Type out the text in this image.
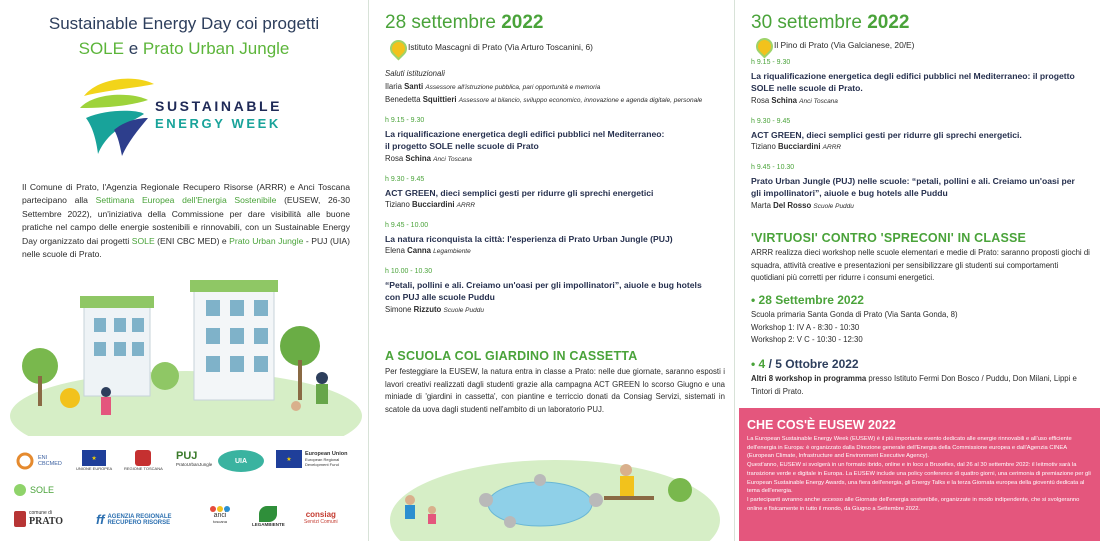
Sustainable Energy Day coi progetti
SOLE e Prato Urban Jungle
SUSTAINABLE
ENERGY WEEK
Il Comune di Prato, l'Agenzia Regionale Recupero Risorse (ARRR) e Anci Toscana partecipano alla Settimana Europea dell'Energia Sostenibile (EUSEW, 26-30 Settembre 2022), un'iniziativa della Commissione per dare visibilità alle buone pratiche nel campo delle energie sostenibili e rinnovabili, con un Sustainable Energy Day organizzato dai progetti SOLE (ENI CBC MED) e Prato Urban Jungle - PUJ (UIA) nelle scuole di Prato.
ENI CBCMED
★
UNIONE EUROPEA	REGIONE TOSCANA
PUJ
PratoUrbanJungle	UIA	★
European Union
European Regional Development Fund
SOLE
comune di
PRATO	ff AGENZIA REGIONALE
RECUPERO RISORSE
anci
toscana
LEGAMBIENTE
consiag
Servizi Comuni
28 settembre 2022
Istituto Mascagni di Prato (Via Arturo Toscanini, 6)
Saluti istituzionali
Ilaria Santi Assessore all'istruzione pubblica, pari opportunità e memoria
Benedetta Squittieri Assessore al bilancio, sviluppo economico, innovazione e agenda digitale, personale
h 9.15 - 9.30
La riqualificazione energetica degli edifici pubblici nel Mediterraneo:
il progetto SOLE nelle scuole di Prato
Rosa Schina Anci Toscana
h 9.30 - 9.45
ACT GREEN, dieci semplici gesti per ridurre gli sprechi energetici
Tiziano Bucciardini ARRR
h 9.45 - 10.00
La natura riconquista la città: l'esperienza di Prato Urban Jungle (PUJ)
Elena Canna Legambiente
h 10.00 - 10.30
“Petali, pollini e ali. Creiamo un'oasi per gli impollinatori”, aiuole e bug hotels
con PUJ alle scuole Puddu
Simone Rizzuto Scuole Puddu
A SCUOLA COL GIARDINO IN CASSETTA
Per festeggiare la EUSEW, la natura entra in classe a Prato: nelle due giornate, saranno esposti i lavori creativi realizzati dagli studenti grazie alla campagna ACT GREEN lo scorso Giugno e una miniade di 'giardini in cassetta', con piantine e terriccio donati da Consiag Servizi, sistemati in scatole da uova dagli studenti nell'ambito di un laboratorio PUJ.
30 settembre 2022
Il Pino di Prato (Via Galcianese, 20/E)
h 9.15 - 9.30
La riqualificazione energetica degli edifici pubblici nel Mediterraneo: il progetto
SOLE nelle scuole di Prato.
Rosa Schina Anci Toscana
h 9.30 - 9.45
ACT GREEN, dieci semplici gesti per ridurre gli sprechi energetici.
Tiziano Bucciardini ARRR
h 9.45 - 10.30
Prato Urban Jungle (PUJ) nelle scuole: “petali, pollini e ali. Creiamo un'oasi per
gli impollinatori”, aiuole e bug hotels alle Puddu
Marta Del Rosso Scuole Puddu
'VIRTUOSI' CONTRO 'SPRECONI' IN CLASSE
ARRR realizza dieci workshop nelle scuole elementari e medie di Prato: saranno proposti giochi di squadra, attività creative e presentazioni per sensibilizzare gli studenti sui comportamenti quotidiani più corretti per ridurre i consumi energetici.
• 28 Settembre 2022
Scuola primaria Santa Gonda di Prato (Via Santa Gonda, 8)
Workshop 1: IV A - 8:30 - 10:30
Workshop 2: V C - 10:30 - 12:30
• 4 / 5 Ottobre 2022
Altri 8 workshop in programma presso Istituto Fermi Don Bosco / Puddu, Don Milani, Lippi e Tintori di Prato.
CHE COS'È EUSEW 2022
La European Sustainable Energy Week (EUSEW) è il più importante evento dedicato alle energie rinnovabili e all'uso efficiente dell'energia in Europa: è organizzato dalla Direzione generale dell'Energia della Commissione europea e dall'Agenzia CINEA (European Climate, Infrastructure and Environment Executive Agency).
Quest'anno, EUSEW si svolgerà in un formato ibrido, online e in loco a Bruxelles, dal 26 al 30 settembre 2022: il leitmotiv sarà la transizione verde e digitale in Europa. La EUSEW include una policy conference di quattro giorni, una cerimonia di premiazione per gli European Sustainable Energy Awards, una fiera dell'energia, gli Energy Talks e la terza Giornata europea della gioventù dedicata al tema dell'energia.
I partecipanti avranno anche accesso alle Giornate dell'energia sostenibile, organizzate in modo indipendente, che si svolgeranno online e fisicamente in tutto il mondo, da Giugno a Settembre 2022.
